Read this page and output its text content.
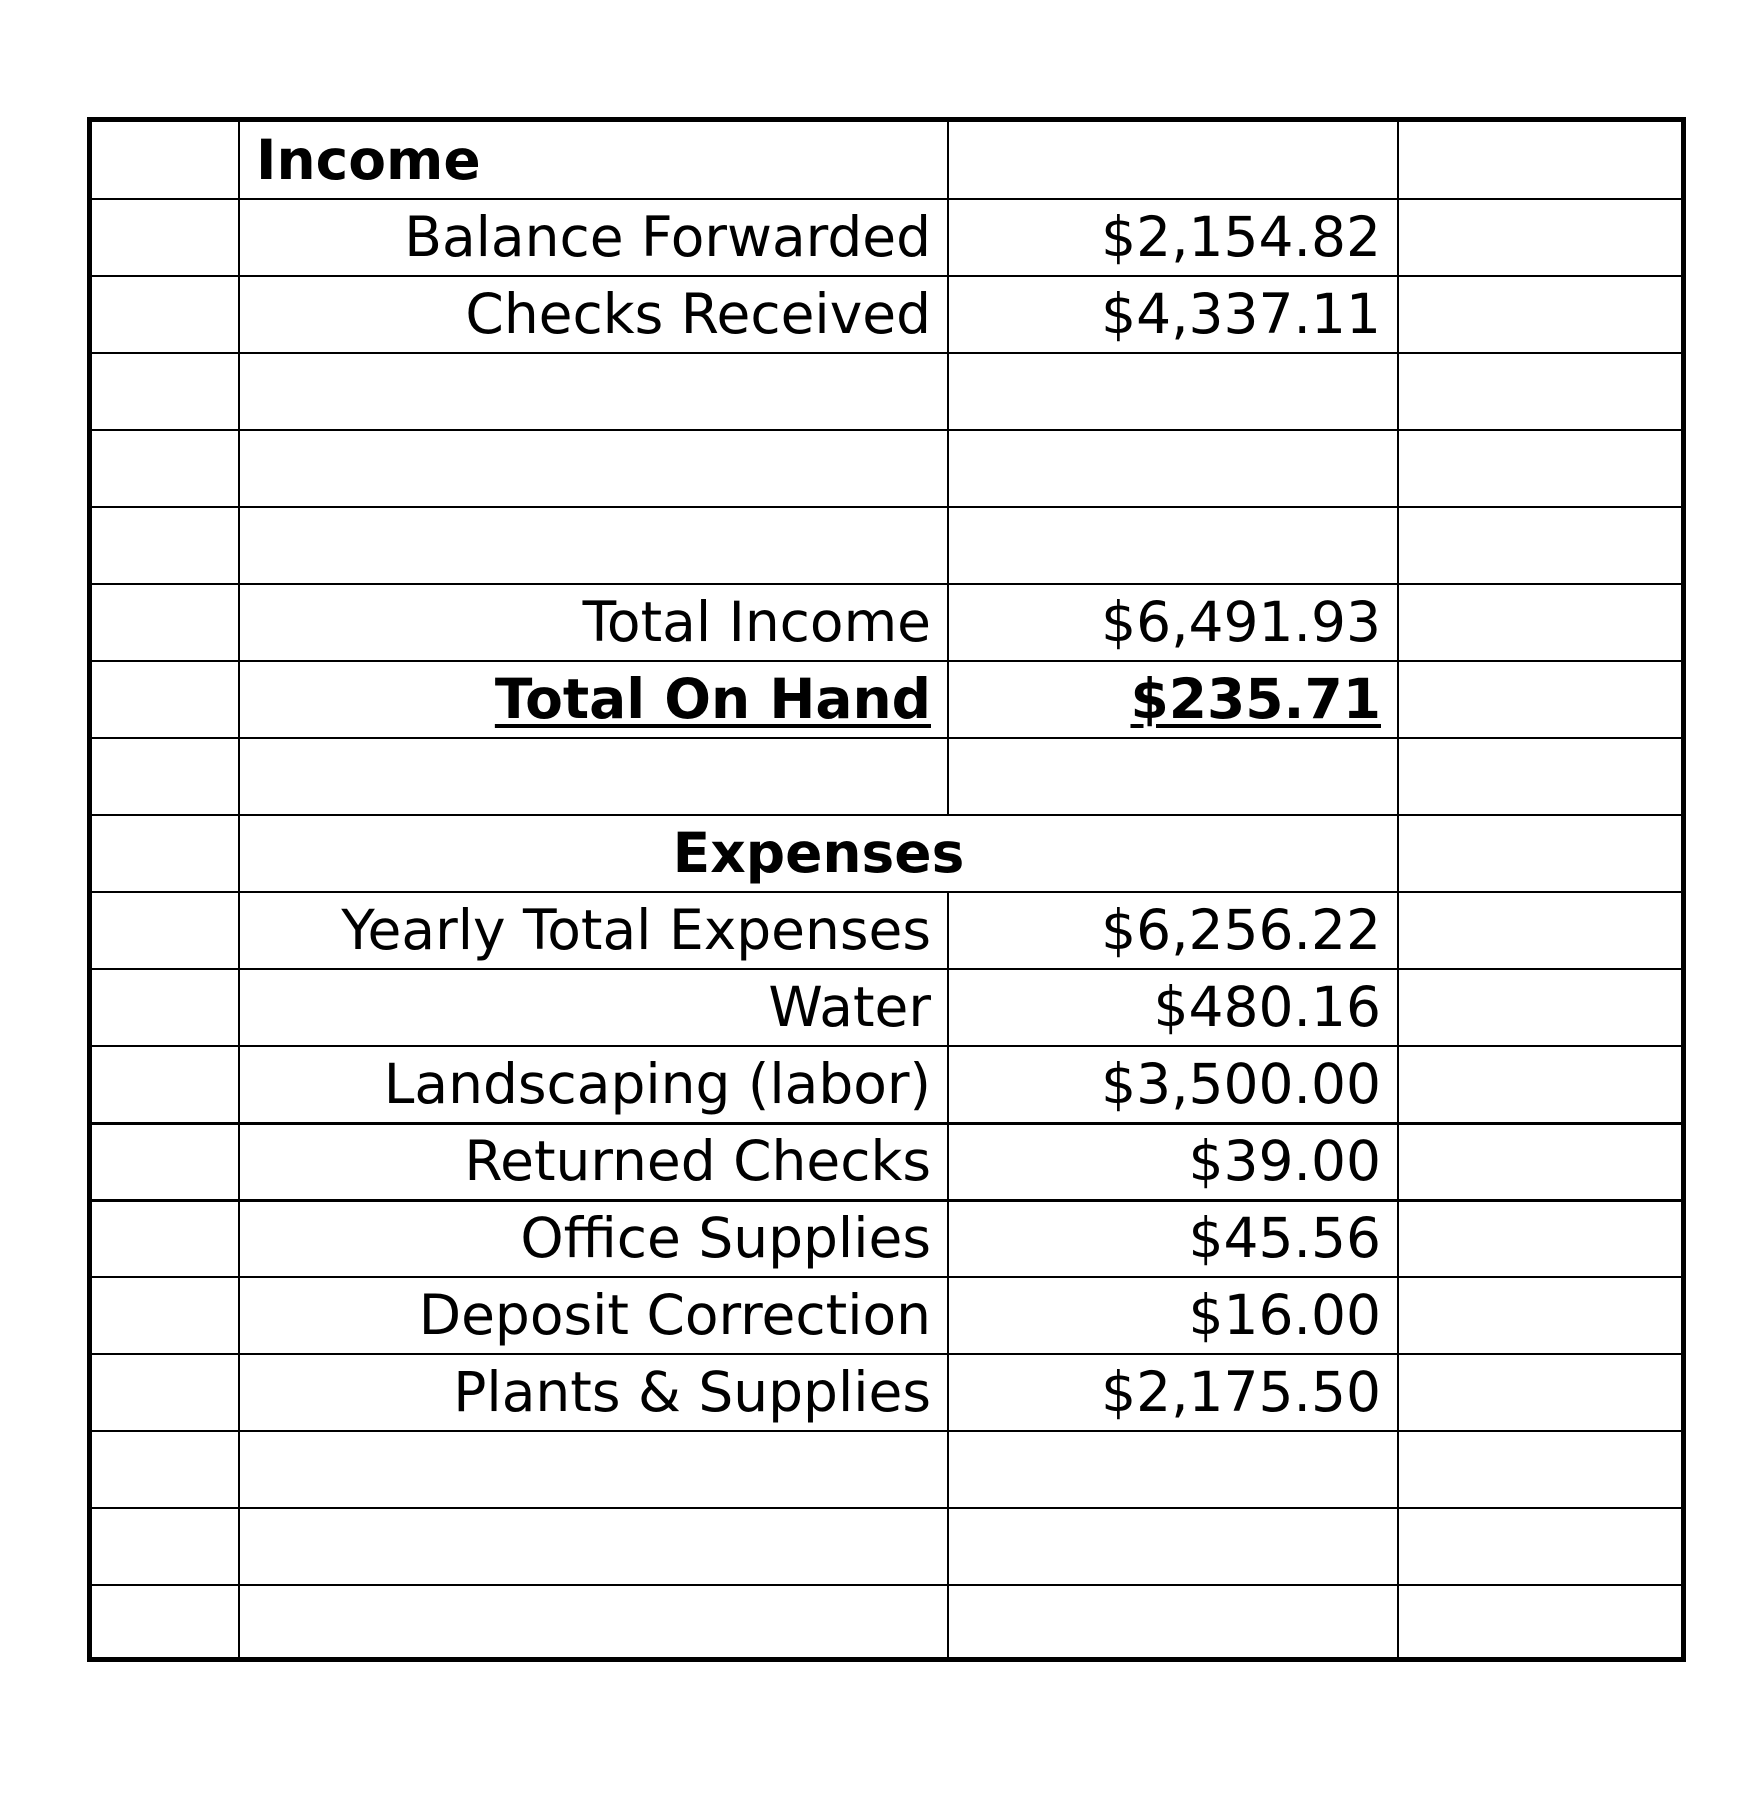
	Income		
	Balance Forwarded	$2,154.82	
	Checks Received	$4,337.11	

	Total Income	$6,491.93	
	Total On Hand	$235.71	

	Expenses		
	Yearly Total Expenses	$6,256.22	
	Water	$480.16	
	Landscaping (labor)	$3,500.00	
	Returned Checks	$39.00	
	Office Supplies	$45.56	
	Deposit Correction	$16.00	
	Plants & Supplies	$2,175.50	
